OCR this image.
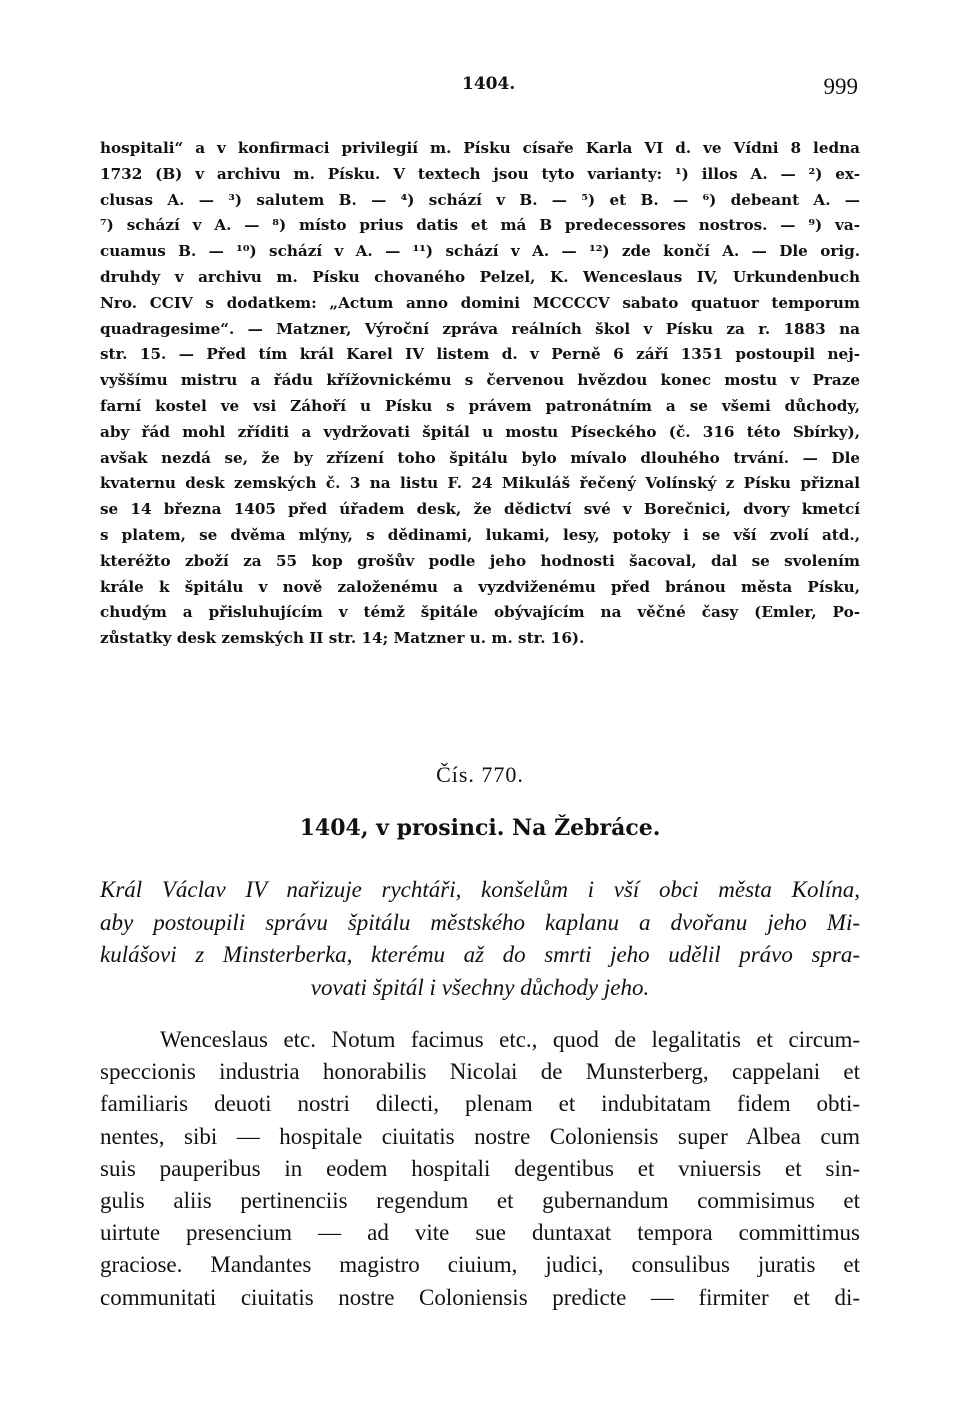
1404.	999
hospitali“ a v konfirmaci privilegií m. Písku císaře Karla VI d. ve Vídni 8 ledna
1732 (B) v archivu m. Písku. V textech jsou tyto varianty: ¹) illos A. — ²) ex-
clusas A. — ³) salutem B. — ⁴) schází v B. — ⁵) et B. — ⁶) debeant A. —
⁷) schází v A. — ⁸) místo prius datis et má B predecessores nostros. — ⁹) va-
cuamus B. — ¹⁰) schází v A. — ¹¹) schází v A. — ¹²) zde končí A. — Dle orig.
druhdy v archivu m. Písku chovaného Pelzel, K. Wenceslaus IV, Urkundenbuch
Nro. CCIV s dodatkem: „Actum anno domini MCCCCV sabato quatuor temporum
quadragesime“. — Matzner, Výroční zpráva reálních škol v Písku za r. 1883 na
str. 15. — Před tím král Karel IV listem d. v Perně 6 září 1351 postoupil nej-
vyššímu mistru a řádu křížovnickému s červenou hvězdou konec mostu v Praze
farní kostel ve vsi Záhoří u Písku s právem patronátním a se všemi důchody,
aby řád mohl zříditi a vydržovati špitál u mostu Píseckého (č. 316 této Sbírky),
avšak nezdá se, že by zřízení toho špitálu bylo mívalo dlouhého trvání. — Dle
kvaternu desk zemských č. 3 na listu F. 24 Mikuláš řečený Volínský z Písku přiznal
se 14 března 1405 před úřadem desk, že dědictví své v Borečnici, dvory kmetcí
s platem, se dvěma mlýny, s dědinami, lukami, lesy, potoky i se vší zvolí atd.,
kteréžto zboží za 55 kop grošův podle jeho hodnosti šacoval, dal se svolením
krále k špitálu v nově založenému a vyzdviženému před bránou města Písku,
chudým a přisluhujícím v témž špitále obývajícím na věčné časy (Emler, Po-
zůstatky desk zemských II str. 14; Matzner u. m. str. 16).
Čís. 770.
1404, v prosinci. Na Žebráce.
Král Václav IV nařizuje rychtáři, konšelům i vší obci města Kolína,
aby postoupili správu špitálu městského kaplanu a dvořanu jeho Mi-
kulášovi z Minsterberka, kterému až do smrti jeho udělil právo spra-
vovati špitál i všechny důchody jeho.
Wenceslaus etc. Notum facimus etc., quod de legalitatis et circum-
speccionis industria honorabilis Nicolai de Munsterberg, cappelani et
familiaris deuoti nostri dilecti, plenam et indubitatam fidem obti-
nentes, sibi — hospitale ciuitatis nostre Coloniensis super Albea cum
suis pauperibus in eodem hospitali degentibus et vniuersis et sin-
gulis aliis pertinenciis regendum et gubernandum commisimus et
uirtute presencium — ad vite sue duntaxat tempora committimus
graciose. Mandantes magistro ciuium, judici, consulibus juratis et
communitati ciuitatis nostre Coloniensis predicte — firmiter et di-
